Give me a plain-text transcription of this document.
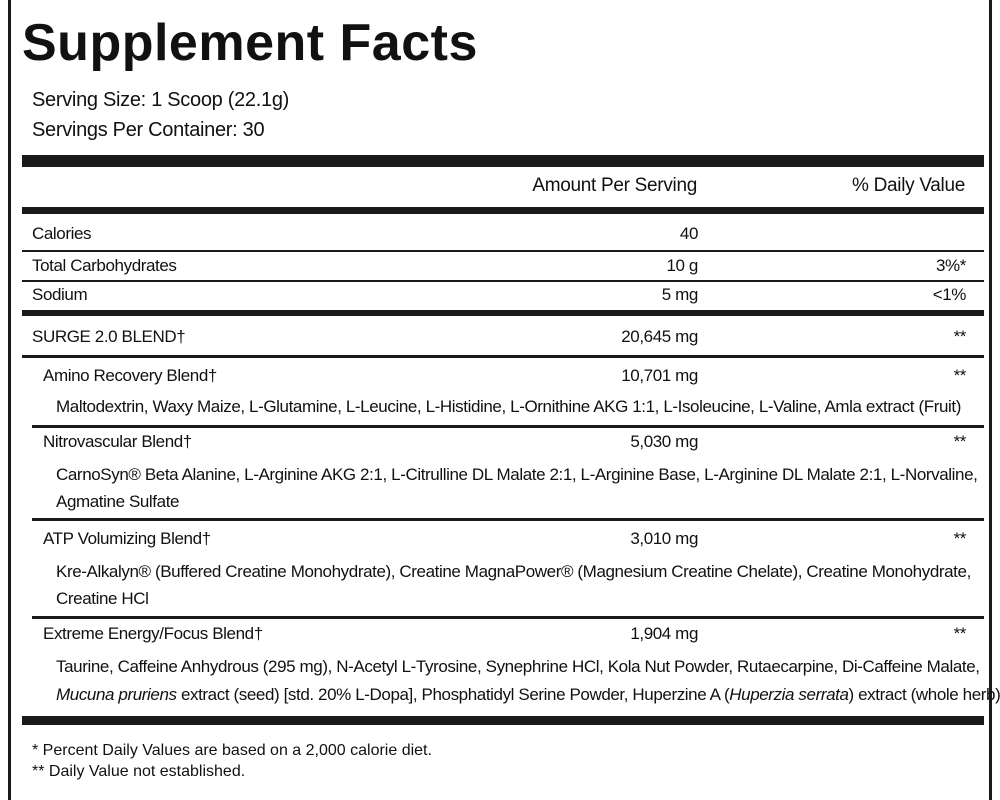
Supplement Facts
Serving Size: 1 Scoop (22.1g)
Servings Per Container: 30
Amount Per Serving	% Daily Value
Calories	40
Total Carbohydrates	10 g	3%*
Sodium	5 mg	<1%
SURGE 2.0 BLEND†	20,645 mg	**
Amino Recovery Blend†	10,701 mg	**
Maltodextrin, Waxy Maize, L-Glutamine, L-Leucine, L-Histidine, L-Ornithine AKG 1:1, L-Isoleucine, L-Valine, Amla extract (Fruit)
Nitrovascular Blend†	5,030 mg	**
CarnoSyn® Beta Alanine, L-Arginine AKG 2:1, L-Citrulline DL Malate 2:1, L-Arginine Base, L-Arginine DL Malate 2:1, L-Norvaline,
Agmatine Sulfate
ATP Volumizing Blend†	3,010 mg	**
Kre-Alkalyn® (Buffered Creatine Monohydrate), Creatine MagnaPower® (Magnesium Creatine Chelate), Creatine Monohydrate,
Creatine HCl
Extreme Energy/Focus Blend†	1,904 mg	**
Taurine, Caffeine Anhydrous (295 mg), N-Acetyl L-Tyrosine, Synephrine HCl, Kola Nut Powder, Rutaecarpine, Di-Caffeine Malate,
Mucuna pruriens extract (seed) [std. 20% L-Dopa], Phosphatidyl Serine Powder, Huperzine A (Huperzia serrata) extract (whole herb)
* Percent Daily Values are based on a 2,000 calorie diet.
** Daily Value not established.
